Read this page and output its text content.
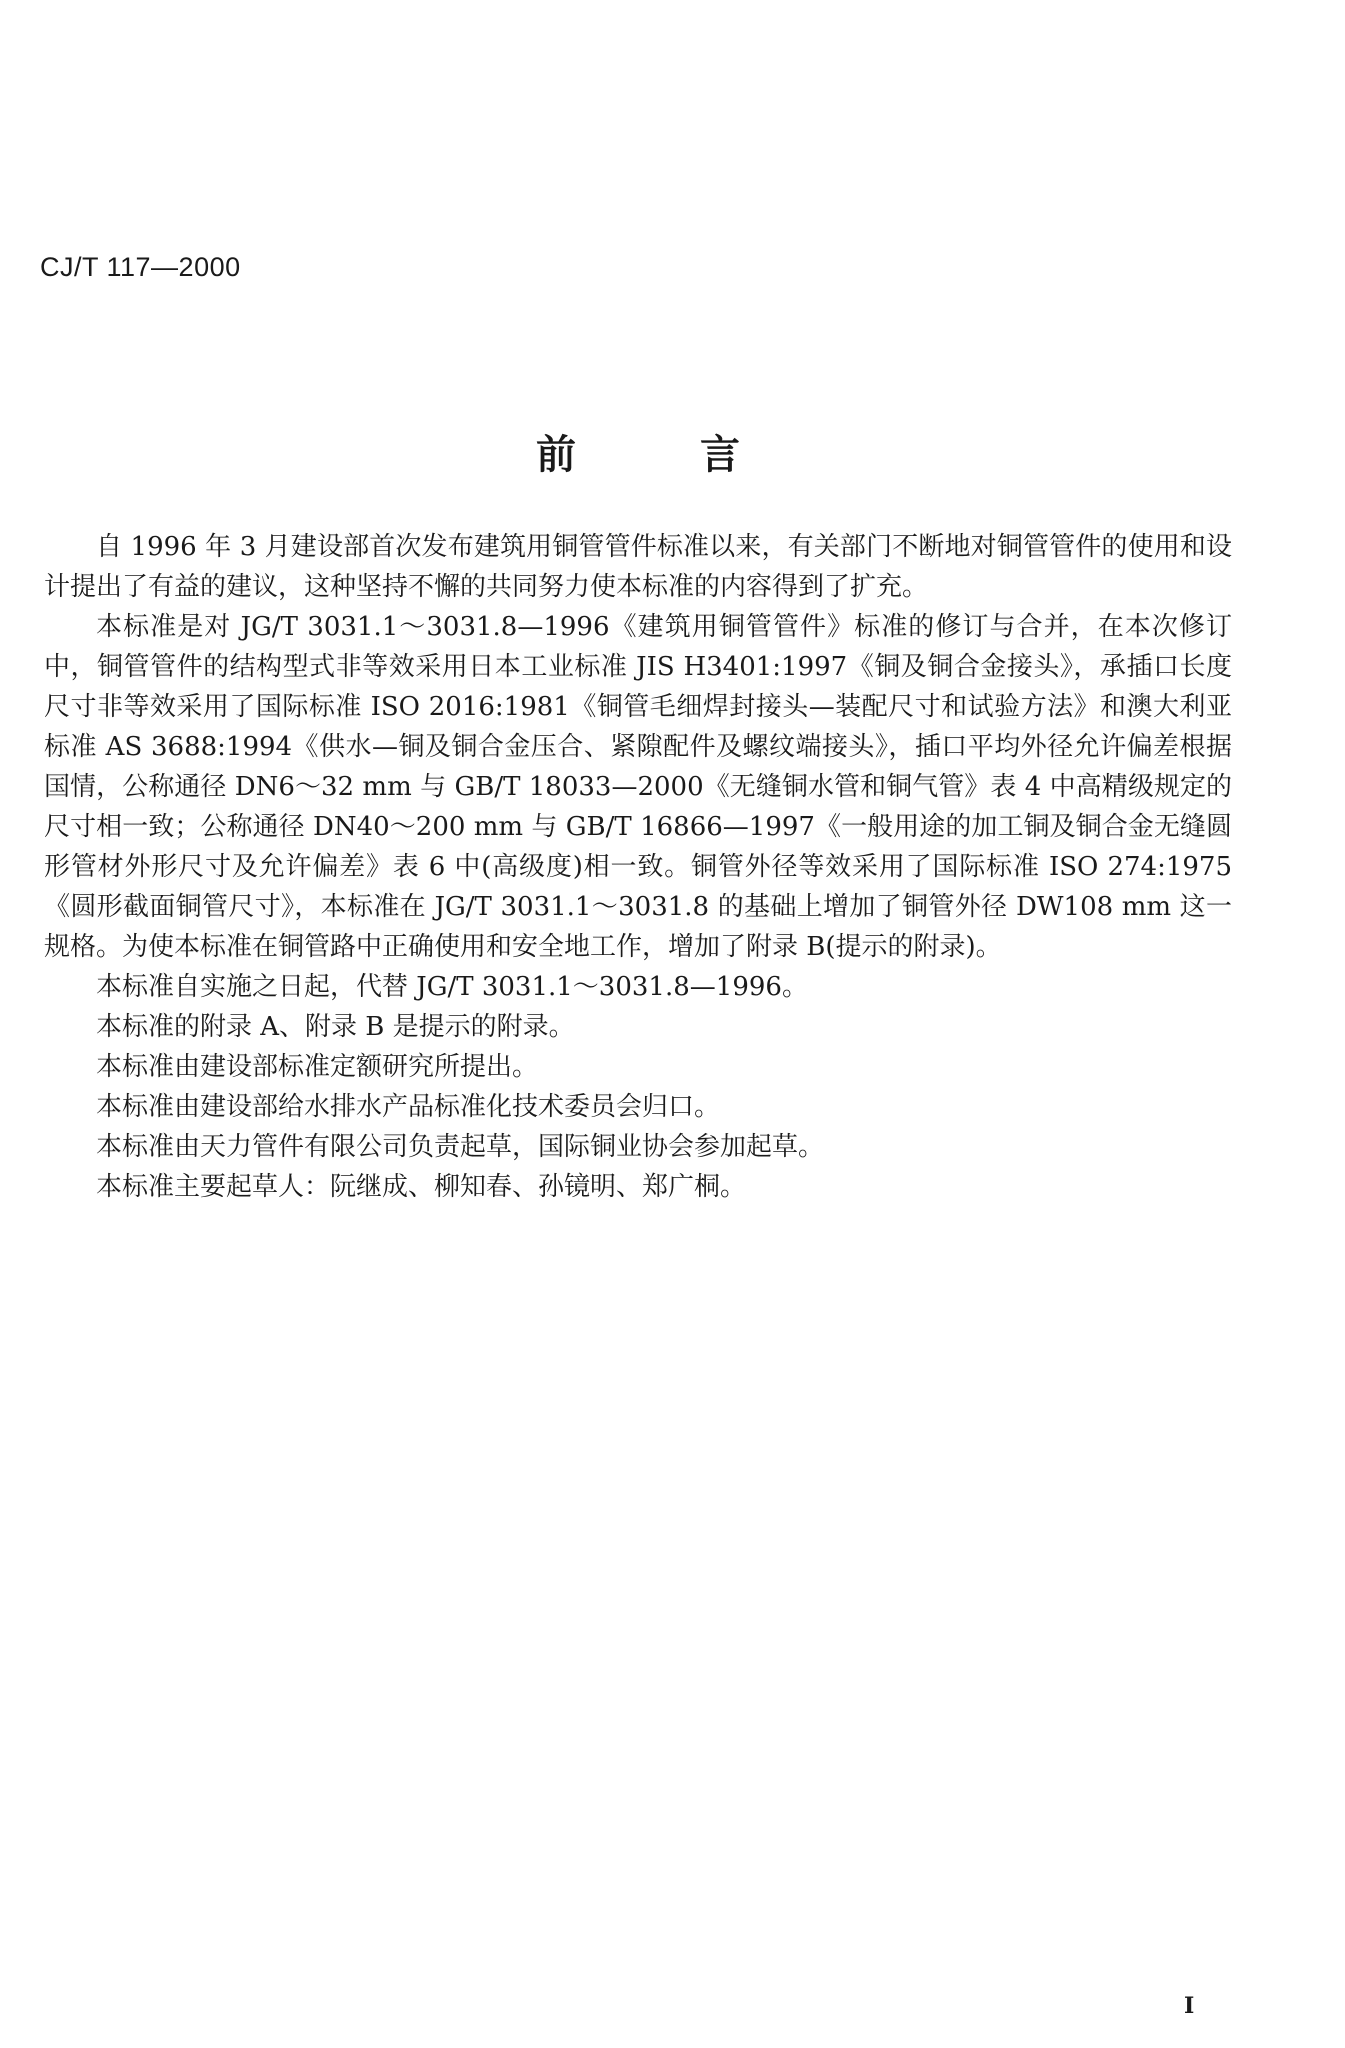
CJ/T 117—2000
前	言

自 1996 年 3 月建设部首次发布建筑用铜管管件标准以来，有关部门不断地对铜管管件的使用和设计提出了有益的建议，这种坚持不懈的共同努力使本标准的内容得到了扩充。

本标准是对 JG/T 3031.1～3031.8—1996《建筑用铜管管件》标准的修订与合并，在本次修订中，铜管管件的结构型式非等效采用日本工业标准 JIS H3401:1997《铜及铜合金接头》，承插口长度尺寸非等效采用了国际标准 ISO 2016:1981《铜管毛细焊封接头—装配尺寸和试验方法》和澳大利亚标准 AS 3688:1994《供水—铜及铜合金压合、紧隙配件及螺纹端接头》，插口平均外径允许偏差根据国情，公称通径 DN6～32 mm 与 GB/T 18033—2000《无缝铜水管和铜气管》表 4 中高精级规定的尺寸相一致；公称通径 DN40～200 mm 与 GB/T 16866—1997《一般用途的加工铜及铜合金无缝圆形管材外形尺寸及允许偏差》表 6 中(高级度)相一致。铜管外径等效采用了国际标准 ISO 274:1975《圆形截面铜管尺寸》，本标准在 JG/T 3031.1～3031.8 的基础上增加了铜管外径 DW108 mm 这一规格。为使本标准在铜管路中正确使用和安全地工作，增加了附录 B(提示的附录)。

本标准自实施之日起，代替 JG/T 3031.1～3031.8—1996。

本标准的附录 A、附录 B 是提示的附录。

本标准由建设部标准定额研究所提出。

本标准由建设部给水排水产品标准化技术委员会归口。

本标准由天力管件有限公司负责起草，国际铜业协会参加起草。

本标准主要起草人：阮继成、柳知春、孙镜明、郑广桐。

I
